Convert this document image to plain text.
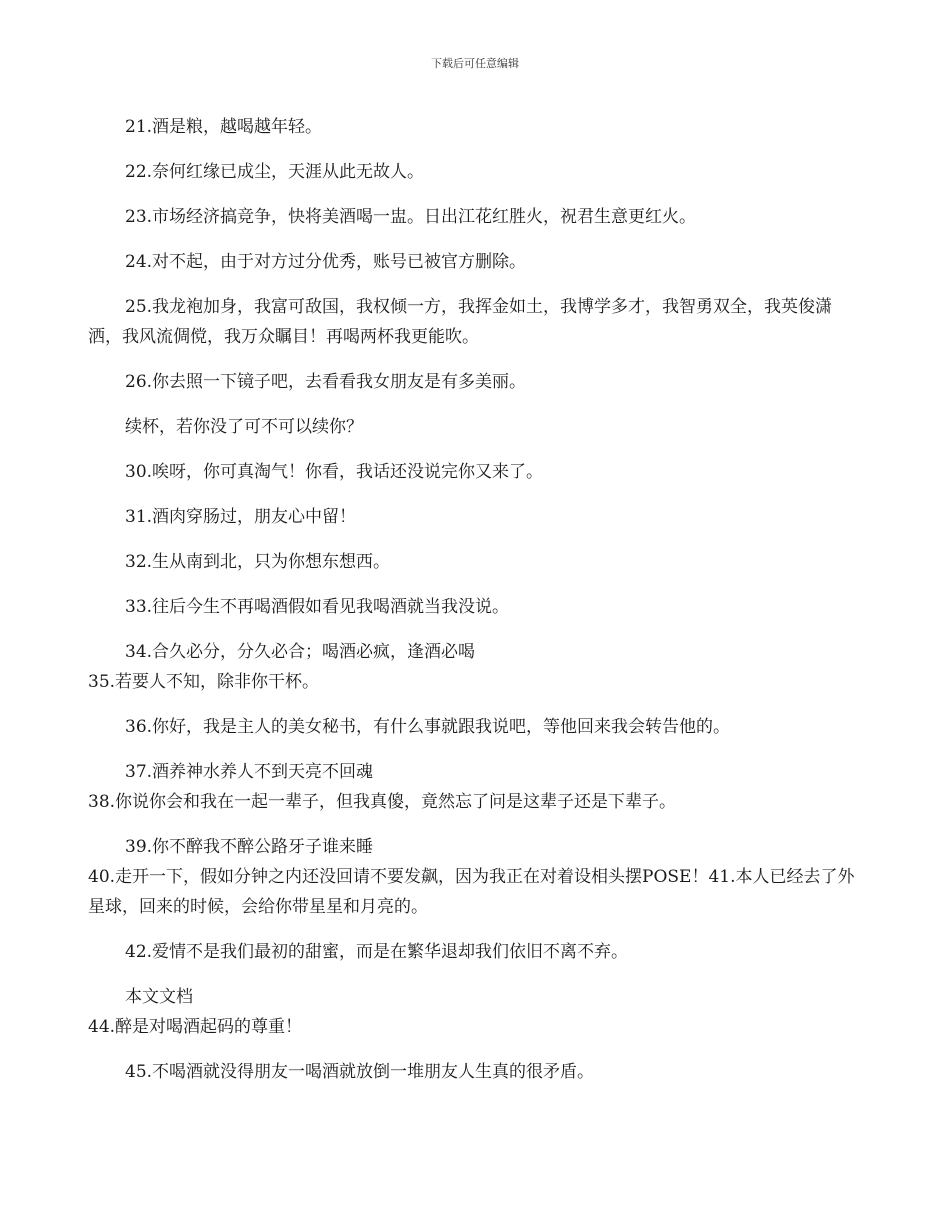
下载后可任意编辑

21.酒是粮，越喝越年轻。

22.奈何红缘已成尘，天涯从此无故人。

23.市场经济搞竞争，快将美酒喝一盅。日出江花红胜火，祝君生意更红火。

24.对不起，由于对方过分优秀，账号已被官方删除。

25.我龙袍加身，我富可敌国，我权倾一方，我挥金如土，我博学多才，我智勇双全，我英俊潇洒，我风流倜傥，我万众瞩目！再喝两杯我更能吹。

26.你去照一下镜子吧，去看看我女朋友是有多美丽。

续杯，若你没了可不可以续你？

30.唉呀，你可真淘气！你看，我话还没说完你又来了。

31.酒肉穿肠过，朋友心中留！

32.生从南到北，只为你想东想西。

33.往后今生不再喝酒假如看见我喝酒就当我没说。

34.合久必分，分久必合；喝酒必疯，逢酒必喝

35.若要人不知，除非你干杯。

36.你好，我是主人的美女秘书，有什么事就跟我说吧，等他回来我会转告他的。

37.酒养神水养人不到天亮不回魂

38.你说你会和我在一起一辈子，但我真傻，竟然忘了问是这辈子还是下辈子。

39.你不醉我不醉公路牙子谁来睡

40.走开一下，假如分钟之内还没回请不要发飙，因为我正在对着设相头摆POSE！41.本人已经去了外星球，回来的时候，会给你带星星和月亮的。

42.爱情不是我们最初的甜蜜，而是在繁华退却我们依旧不离不弃。

本文文档

44.醉是对喝酒起码的尊重！

45.不喝酒就没得朋友一喝酒就放倒一堆朋友人生真的很矛盾。
